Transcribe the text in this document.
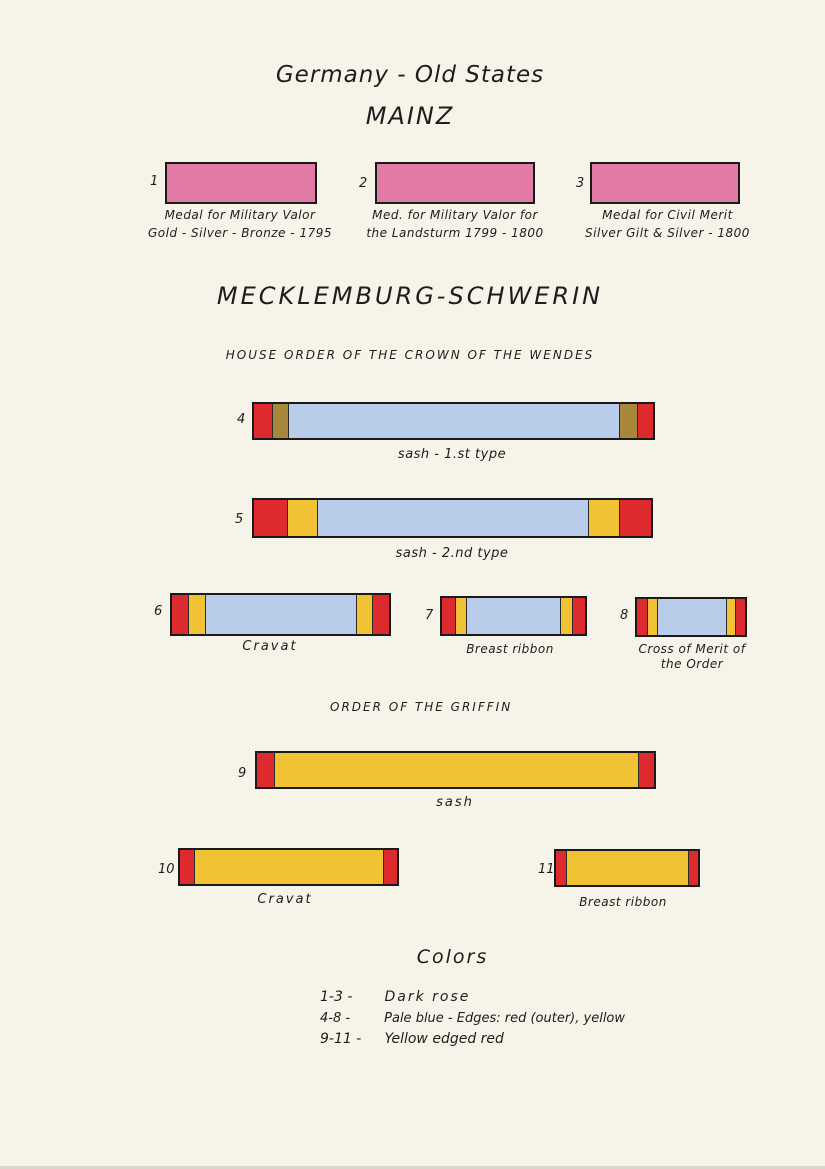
Germany - Old States
MAINZ
1
Medal for Military Valor
Gold - Silver - Bronze - 1795
2
Med. for Military Valor for
the Landsturm 1799 - 1800
3
Medal for Civil Merit
Silver Gilt & Silver - 1800
MECKLEMBURG-SCHWERIN
HOUSE ORDER OF THE CROWN OF THE WENDES
4
sash - 1.st type
5
sash - 2.nd type
6
Cravat
7
Breast ribbon
8
Cross of Merit of
the Order
ORDER OF THE GRIFFIN
9
sash
10
Cravat
11
Breast ribbon
Colors
1-3 - Dark rose
4-8 -	Pale blue - Edges: red (outer), yellow
9-11 - Yellow edged red
